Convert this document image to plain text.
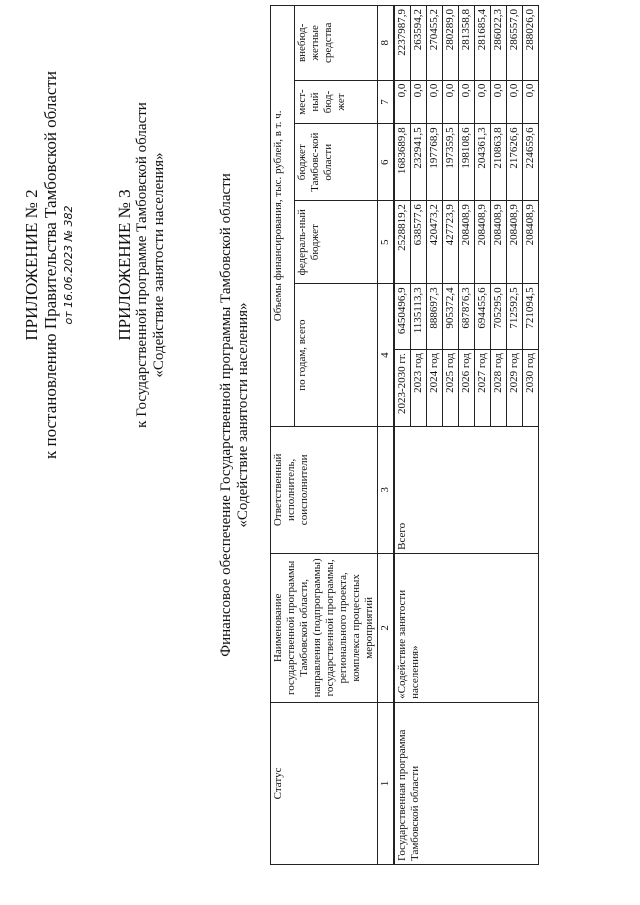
ПРИЛОЖЕНИЕ № 2 к постановлению Правительства Тамбовской области от 16.06.2023 № 382 ПРИЛОЖЕНИЕ № 3 к Государственной программе Тамбовской области «Содействие занятости населения»	Финансовое обеспечение Государственной программы Тамбовской области «Содействие занятости населения»
Статус	Наименование государственной программы Тамбовской области, направления (подпрограммы) государственной программы, регионального проекта, комплекса процессных мероприятий	Ответственный исполнитель, соисполнители	Объемы финансирования, тыс. рублей, в т. ч.					
			по годам, всего		федераль-ный бюджет	бюджет Тамбовс-кой области	мест-ный бюд-жет	внебюд-жетные средства
1	2	3	4		5	6	7	8
Государственная программа Тамбовской области	«Содействие занятости населения»	Всего	2023-2030 гг.	6450496,9	2528819,2	1683689,8	0,0	2237987,9
			2023 год	1135113,3	638577,6	232941,5	0,0	263594,2
			2024 год	888697,3	420473,2	197768,9	0,0	270455,2
			2025 год	905372,4	427723,9	197359,5	0,0	280289,0
			2026 год	687876,3	208408,9	198108,6	0,0	281358,8
			2027 год	694455,6	208408,9	204361,3	0,0	281685,4
			2028 год	705295,0	208408,9	210863,8	0,0	286022,3
			2029 год	712592,5	208408,9	217626,6	0,0	286557,0
			2030 год	721094,5	208408,9	224659,6	0,0	288026,0
